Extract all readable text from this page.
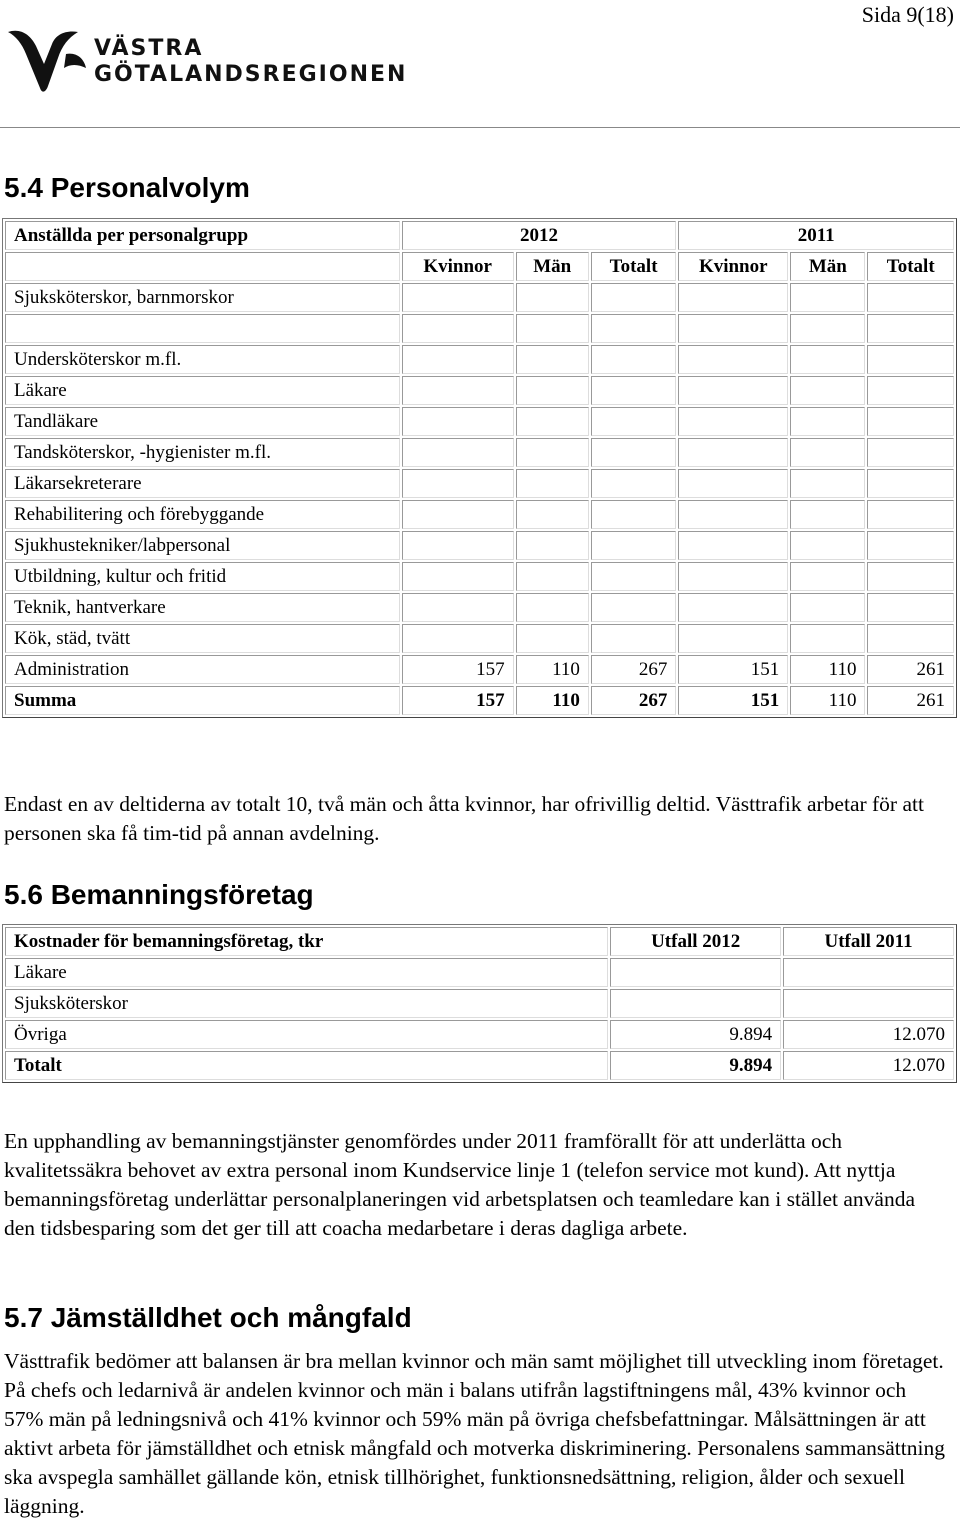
Sida 9(18)
VÄSTRA
GÖTALANDSREGIONEN
5.4 Personalvolym
Anställda per personalgrupp	2012			2011		
	Kvinnor	Män	Totalt	Kvinnor	Män	Totalt
Sjuksköterskor, barnmorskor						

Undersköterskor m.fl.						
Läkare						
Tandläkare						
Tandsköterskor, -hygienister m.fl.						
Läkarsekreterare						
Rehabilitering och förebyggande						
Sjukhustekniker/labpersonal						
Utbildning, kultur och fritid						
Teknik, hantverkare						
Kök, städ, tvätt						
Administration	157	110	267	151	110	261
Summa	157	110	267	151	110	261

Endast en av deltiderna av totalt 10, två män och åtta kvinnor, har ofrivillig deltid. Västtrafik arbetar för att personen ska få tim-tid på annan avdelning.

5.6 Bemanningsföretag
Kostnader för bemanningsföretag, tkr	Utfall 2012	Utfall 2011
Läkare		
Sjuksköterskor		
Övriga	9.894	12.070
Totalt	9.894	12.070

En upphandling av bemanningstjänster genomfördes under 2011 framförallt för att underlätta och kvalitetssäkra behovet av extra personal inom Kundservice linje 1 (telefon service mot kund). Att nyttja bemanningsföretag underlättar personalplaneringen vid arbetsplatsen och teamledare kan i stället använda den tidsbesparing som det ger till att coacha medarbetare i deras dagliga arbete.

5.7 Jämställdhet och mångfald

Västtrafik bedömer att balansen är bra mellan kvinnor och män samt möjlighet till utveckling inom företaget. På chefs och ledarnivå är andelen kvinnor och män i balans utifrån lagstiftningens mål, 43% kvinnor och 57% män på ledningsnivå och 41% kvinnor och 59% män på övriga chefsbefattningar. Målsättningen är att aktivt arbeta för jämställdhet och etnisk mångfald och motverka diskriminering. Personalens sammansättning ska avspegla samhället gällande kön, etnisk tillhörighet, funktionsnedsättning, religion, ålder och sexuell läggning.
